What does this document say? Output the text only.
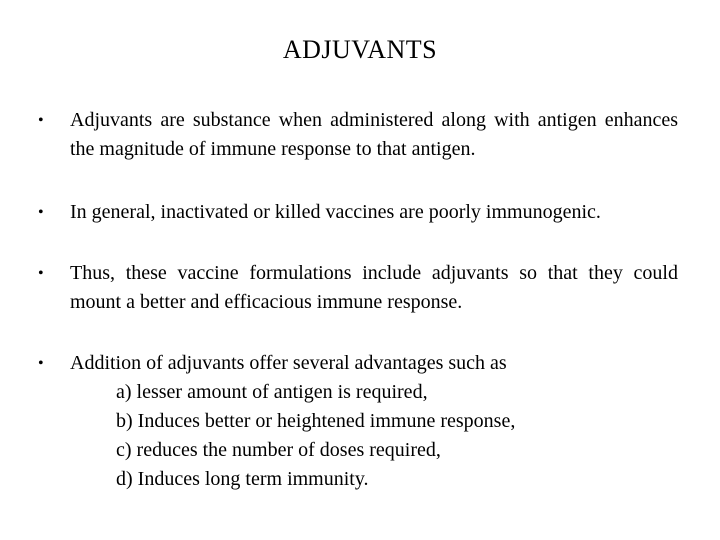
ADJUVANTS
•	Adjuvants are substance when administered along with antigen enhances the magnitude of immune response to that antigen.
•	In general, inactivated or killed vaccines are poorly immunogenic.
•	Thus, these vaccine formulations include adjuvants so that they could mount a better and efficacious immune response.
•	Addition of adjuvants offer several advantages such as
a) lesser amount of antigen is required,
b) Induces better or heightened immune response,
c) reduces the number of doses required,
d) Induces long term immunity.
